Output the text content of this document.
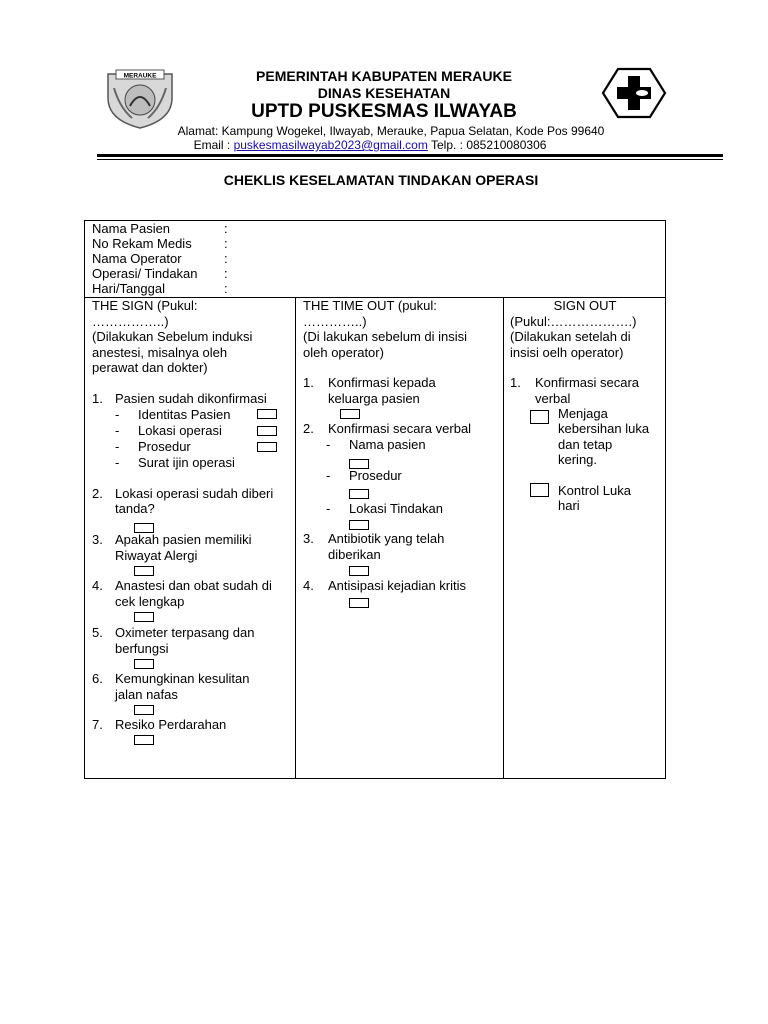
MERAUKE	PEMERINTAH KABUPATEN MERAUKE
DINAS KESEHATAN
UPTD PUSKESMAS ILWAYAB
Alamat: Kampung Wogekel, Ilwayab, Merauke, Papua Selatan, Kode Pos 99640
Email : puskesmasilwayab2023@gmail.com Telp. : 085210080306
CHEKLIS KESELAMATAN TINDAKAN OPERASI
Nama Pasien	:
No Rekam Medis :
Nama Operator	:
Operasi/ Tindakan :
Hari/Tanggal	:
THE SIGN (Pukul:
……………..)
(Dilakukan Sebelum induksi
anestesi, misalnya oleh
perawat dan dokter)
1. Pasien sudah dikonfirmasi
- Identitas Pasien
- Lokasi operasi
- Prosedur
- Surat ijin operasi
2. Lokasi operasi sudah diberi
tanda?
3. Apakah pasien memiliki
Riwayat Alergi
4. Anastesi dan obat sudah di
cek lengkap
5. Oximeter terpasang dan
berfungsi
6. Kemungkinan kesulitan
jalan nafas
7. Resiko Perdarahan
THE TIME OUT (pukul:
…………..)
(Di lakukan sebelum di insisi
oleh operator)
1. Konfirmasi kepada
keluarga pasien
2. Konfirmasi secara verbal
- Nama pasien
- Prosedur
- Lokasi Tindakan
3. Antibiotik yang telah
diberikan
4. Antisipasi kejadian kritis
SIGN OUT
(Pukul:……………….)
(Dilakukan setelah di
insisi oelh operator)
1. Konfirmasi secara
verbal
Menjaga
kebersihan luka
dan tetap
kering.
Kontrol Luka
hari
